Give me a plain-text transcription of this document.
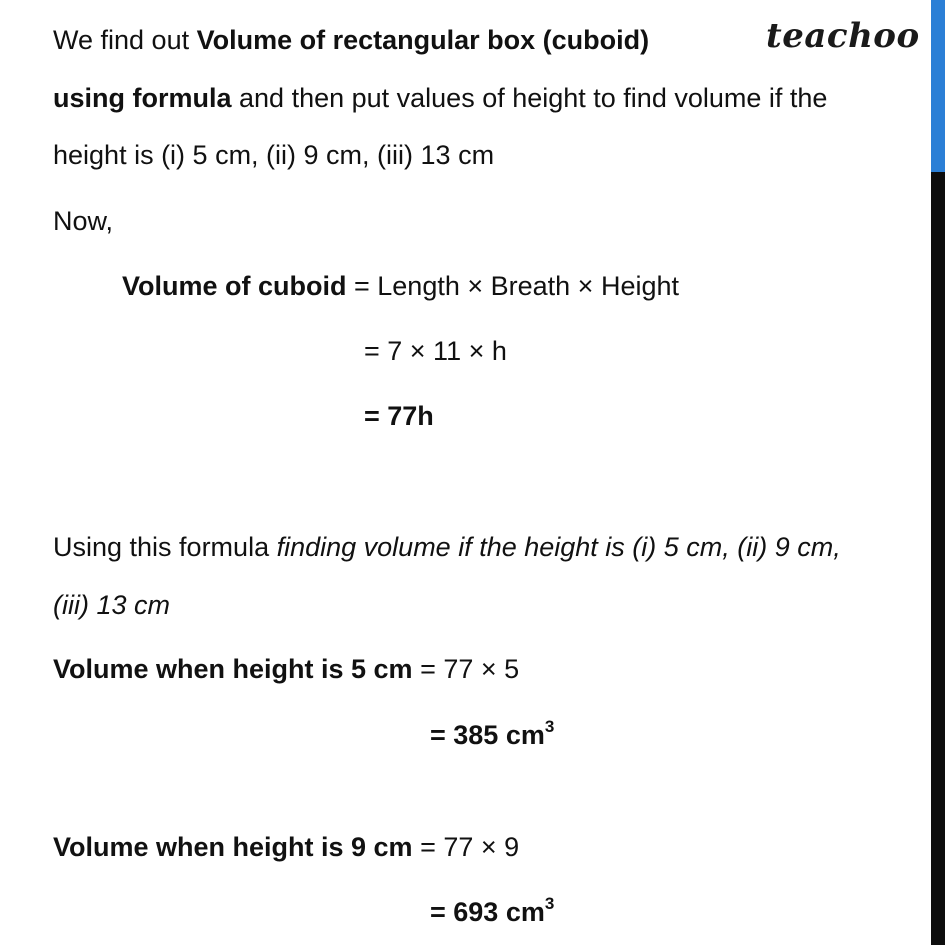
teachoo
We find out Volume of rectangular box (cuboid)
using formula and then put values of height to find volume if the
height is (i) 5 cm, (ii) 9 cm, (iii) 13 cm
Now,
Volume of cuboid = Length × Breath × Height
= 7 × 11 × h
= 77h
Using this formula finding volume if the height is (i) 5 cm, (ii) 9 cm,
(iii) 13 cm
Volume when height is 5 cm = 77 × 5
= 385 $cm^3$
Volume when height is 9 cm = 77 × 9
= 693 $cm^3$
